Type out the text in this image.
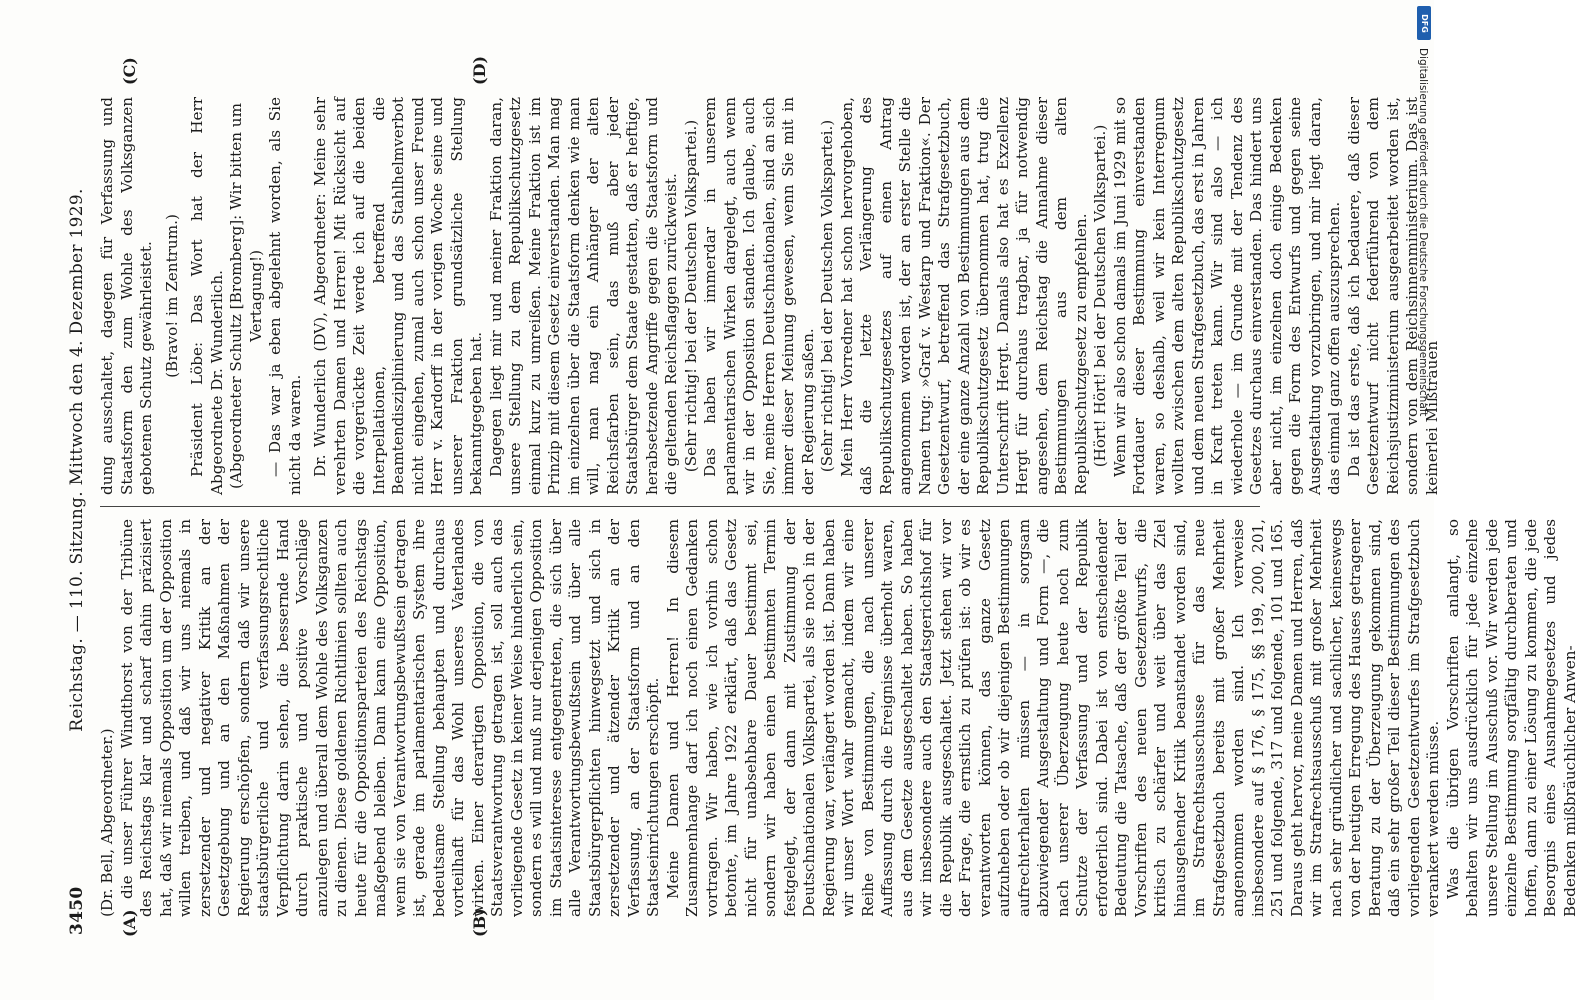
3450
Reichstag. — 110. Sitzung. Mittwoch den 4. Dezember 1929.

(Dr. Bell, Abgeordneter.) die unser Führer Windthorst von der Tribüne des Reichstags klar und scharf dahin präzisiert hat, daß wir niemals Opposition um der Opposition willen treiben, und daß wir uns niemals in zersetzender und negativer Kritik an der Gesetzgebung und an den Maßnahmen der Regierung erschöpfen, sondern daß wir unsere staatsbürgerliche und verfassungsrechtliche Verpflichtung darin sehen, die bessernde Hand durch praktische und positive Vorschläge anzulegen und überall dem Wohle des Volksganzen zu dienen. Diese goldenen Richtlinien sollten auch heute für die Oppositionsparteien des Reichstags maßgebend bleiben. Dann kann eine Opposition, wenn sie von Verantwortungsbewußtsein getragen ist, gerade im parlamentarischen System ihre bedeutsame Stellung behaupten und durchaus vorteilhaft für das Wohl unseres Vaterlandes wirken. Einer derartigen Opposition, die von Staatsverantwortung getragen ist, soll auch das vorliegende Gesetz in keiner Weise hinderlich sein, sondern es will und muß nur derjenigen Opposition im Staatsinteresse entgegentreten, die sich über alle Verantwortungsbewußtsein und über alle Staatsbürgerpflichten hinwegsetzt und sich in zersetzender und ätzender Kritik an der Verfassung, an der Staatsform und an den Staatseinrichtungen erschöpft. Meine Damen und Herren! In diesem Zusammenhange darf ich noch einen Gedanken vortragen. Wir haben, wie ich vorhin schon betonte, im Jahre 1922 erklärt, daß das Gesetz nicht für unabsehbare Dauer bestimmt sei, sondern wir haben einen bestimmten Termin festgelegt, der dann mit Zustimmung der Deutschnationalen Volkspartei, als sie noch in der Regierung war, verlängert worden ist. Dann haben wir unser Wort wahr gemacht, indem wir eine Reihe von Bestimmungen, die nach unserer Auffassung durch die Ereignisse überholt waren, aus dem Gesetze ausgeschaltet haben. So haben wir insbesondere auch den Staatsgerichtshof für die Republik ausgeschaltet. Jetzt stehen wir vor der Frage, die ernstlich zu prüfen ist: ob wir es verantworten können, das ganze Gesetz aufzuheben oder ob wir diejenigen Bestimmungen aufrechterhalten müssen — in sorgsam abzuwiegender Ausgestaltung und Form —, die nach unserer Überzeugung heute noch zum Schutze der Verfassung und der Republik erforderlich sind. Dabei ist von entscheidender Bedeutung die Tatsache, daß der größte Teil der Vorschriften des neuen Gesetzentwurfs, die kritisch zu schärfer und weit über das Ziel hinausgehender Kritik beanstandet worden sind, im Strafrechtsausschusse für das neue Strafgesetzbuch bereits mit großer Mehrheit angenommen worden sind. Ich verweise insbesondere auf § 176, § 175, §§ 199, 200, 201, 251 und folgende, 317 und folgende, 101 und 165. Daraus geht hervor, meine Damen und Herren, daß wir im Strafrechtsausschuß mit großer Mehrheit nach sehr gründlicher und sachlicher, keineswegs von der heutigen Erregung des Hauses getragener Beratung zu der Überzeugung gekommen sind, daß ein sehr großer Teil dieser Bestimmungen des vorliegenden Gesetzentwurfes im Strafgesetzbuch verankert werden müsse. Was die übrigen Vorschriften anlangt, so behalten wir uns ausdrücklich für jede einzelne unsere Stellung im Ausschuß vor. Wir werden jede einzelne Bestimmung sorgfältig durchberaten und hoffen, dann zu einer Lösung zu kommen, die jede Besorgnis eines Ausnahmegesetzes und jedes Bedenken mißbräuchlicher Anwen-

dung ausschaltet, dagegen für Verfassung und Staatsform den zum Wohle des Volksganzen gebotenen Schutz gewährleistet. (Bravo! im Zentrum.) Präsident Löbe: Das Wort hat der Herr Abgeordnete Dr. Wunderlich. (Abgeordneter Schultz [Bromberg]: Wir bitten um Vertagung!) — Das war ja eben abgelehnt worden, als Sie nicht da waren. Dr. Wunderlich (DV), Abgeordneter: Meine sehr verehrten Damen und Herren! Mit Rücksicht auf die vorgerückte Zeit werde ich auf die beiden Interpellationen, betreffend die Beamtendisziplinierung und das Stahlhelmverbot nicht eingehen, zumal auch schon unser Freund Herr v. Kardorff in der vorigen Woche seine und unserer Fraktion grundsätzliche Stellung bekanntgegeben hat. Dagegen liegt mir und meiner Fraktion daran, unsere Stellung zu dem Republikschutzgesetz einmal kurz zu umreißen. Meine Fraktion ist im Prinzip mit diesem Gesetz einverstanden. Man mag im einzelnen über die Staatsform denken wie man will, man mag ein Anhänger der alten Reichsfarben sein, das muß aber jeder Staatsbürger dem Staate gestatten, daß er heftige, herabsetzende Angriffe gegen die Staatsform und die geltenden Reichsflaggen zurückweist. (Sehr richtig! bei der Deutschen Volkspartei.) Das haben wir immerdar in unserem parlamentarischen Wirken dargelegt, auch wenn wir in der Opposition standen. Ich glaube, auch Sie, meine Herren Deutschnationalen, sind an sich immer dieser Meinung gewesen, wenn Sie mit in der Regierung saßen. (Sehr richtig! bei der Deutschen Volkspartei.) Mein Herr Vorredner hat schon hervorgehoben, daß die letzte Verlängerung des Republikschutzgesetzes auf einen Antrag angenommen worden ist, der an erster Stelle die Namen trug: »Graf v. Westarp und Fraktion«. Der Gesetzentwurf, betreffend das Strafgesetzbuch, der eine ganze Anzahl von Bestimmungen aus dem Republikschutzgesetz übernommen hat, trug die Unterschrift Hergt. Damals also hat es Exzellenz Hergt für durchaus tragbar, ja für notwendig angesehen, dem Reichstag die Annahme dieser Bestimmungen aus dem alten Republikschutzgesetz zu empfehlen. (Hört! Hört! bei der Deutschen Volkspartei.) Wenn wir also schon damals im Juni 1929 mit so Fortdauer dieser Bestimmung einverstanden waren, so deshalb, weil wir kein Interregnum wollten zwischen dem alten Republikschutzgesetz und dem neuen Strafgesetzbuch, das erst in Jahren in Kraft treten kann. Wir sind also — ich wiederhole — im Grunde mit der Tendenz des Gesetzes durchaus einverstanden. Das hindert uns aber nicht, im einzelnen doch einige Bedenken gegen die Form des Entwurfs und gegen seine Ausgestaltung vorzubringen, und mir liegt daran, das einmal ganz offen auszusprechen. Da ist das erste, daß ich bedauere, daß dieser Gesetzentwurf nicht federführend von dem Reichsjustizministerium ausgearbeitet worden ist, sondern von dem Reichsinnenministerium. Das ist keinerlei Mißtrauen

(A)	(B)
(C)	(D)
DFG
Digitalisierung gefördert durch die Deutsche Forschungsgemeinschaft
